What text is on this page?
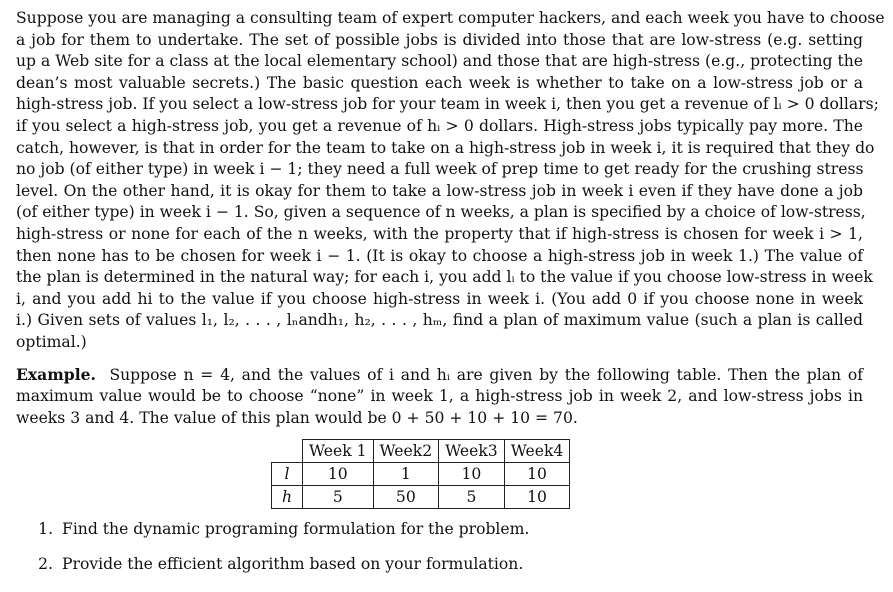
Suppose you are managing a consulting team of expert computer hackers, and each week you have to choose
a job for them to undertake. The set of possible jobs is divided into those that are low-stress (e.g. setting
up a Web site for a class at the local elementary school) and those that are high-stress (e.g., protecting the
dean’s most valuable secrets.) The basic question each week is whether to take on a low-stress job or a
high-stress job. If you select a low-stress job for your team in week i, then you get a revenue of lᵢ > 0 dollars;
if you select a high-stress job, you get a revenue of hᵢ > 0 dollars. High-stress jobs typically pay more. The
catch, however, is that in order for the team to take on a high-stress job in week i, it is required that they do
no job (of either type) in week i − 1; they need a full week of prep time to get ready for the crushing stress
level. On the other hand, it is okay for them to take a low-stress job in week i even if they have done a job
(of either type) in week i − 1. So, given a sequence of n weeks, a plan is specified by a choice of low-stress,
high-stress or none for each of the n weeks, with the property that if high-stress is chosen for week i > 1,
then none has to be chosen for week i − 1. (It is okay to choose a high-stress job in week 1.) The value of
the plan is determined in the natural way; for each i, you add lᵢ to the value if you choose low-stress in week
i, and you add hi to the value if you choose high-stress in week i. (You add 0 if you choose none in week
i.) Given sets of values l₁, l₂, . . . , lₙandh₁, h₂, . . . , hₘ, find a plan of maximum value (such a plan is called
optimal.)
Example. Suppose n = 4, and the values of i and hᵢ are given by the following table. Then the plan of
maximum value would be to choose “none” in week 1, a high-stress job in week 2, and low-stress jobs in
weeks 3 and 4. The value of this plan would be 0 + 50 + 10 + 10 = 70.
	Week 1	Week2	Week3	Week4
l	10	1	10	10
h	5	50	5	10
1. Find the dynamic programing formulation for the problem.
2. Provide the efficient algorithm based on your formulation.
